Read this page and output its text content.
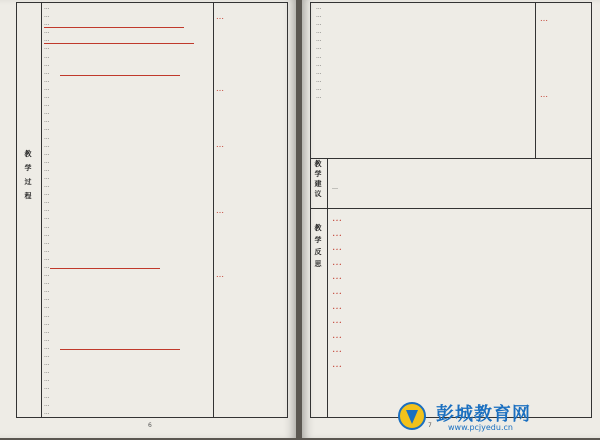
教
学
过
程
…
…
…
…
…
…
…
…
…
…
…
…
…
…
…
…
…
…
…
…
…
…
…
…
…
…
…
…
…
…
…
…
…
…
…
…
…
…
…
…
…
…
…
…
…
…
…
…
…
…
…
…
…
…
…
…
6
…
…
…
…
…
…
…
…
…
…
…
…
…
…
教
学
建
议
…
教
学
反
思
…
…
…
…
…
…
…
…
…
…
…
7
彭城教育网
www.pcjyedu.cn
